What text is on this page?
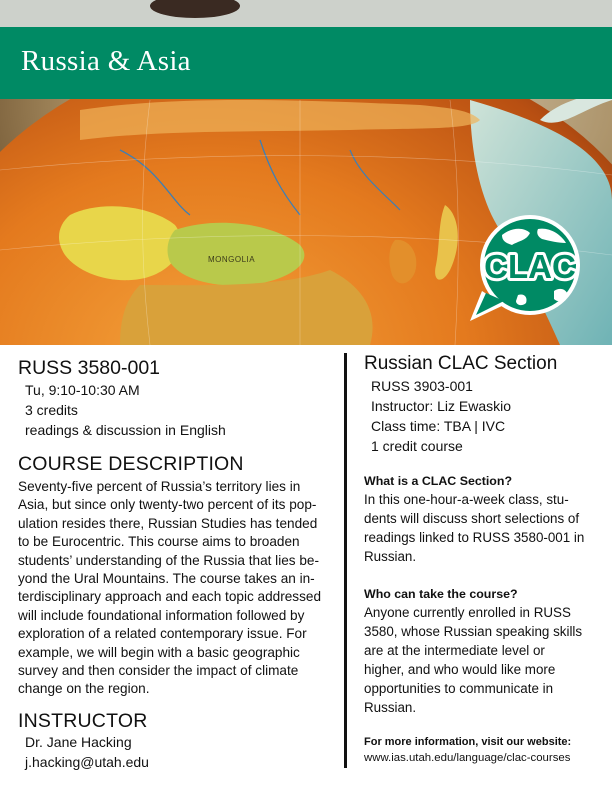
MONGOLIA
Russia & Asia
CLAC
RUSS 3580-001
Tu, 9:10-10:30 AM
3 credits
readings & discussion in English
COURSE DESCRIPTION
Seventy-five percent of Russia’s territory lies in
Asia, but since only twenty-two percent of its pop-
ulation resides there, Russian Studies has tended
to be Eurocentric. This course aims to broaden
students’ understanding of the Russia that lies be-
yond the Ural Mountains. The course takes an in-
terdisciplinary approach and each topic addressed
will include foundational information followed by
exploration of a related contemporary issue. For
example, we will begin with a basic geographic
survey and then consider the impact of climate
change on the region.
INSTRUCTOR
Dr. Jane Hacking
j.hacking@utah.edu
Russian CLAC Section
RUSS 3903-001
Instructor: Liz Ewaskio
Class time: TBA | IVC
1 credit course
What is a CLAC Section?
In this one-hour-a-week class, stu-
dents will discuss short selections of
readings linked to RUSS 3580-001 in
Russian.
Who can take the course?
Anyone currently enrolled in RUSS
3580, whose Russian speaking skills
are at the intermediate level or
higher, and who would like more
opportunities to communicate in
Russian.
For more information, visit our website:
www.ias.utah.edu/language/clac-courses
